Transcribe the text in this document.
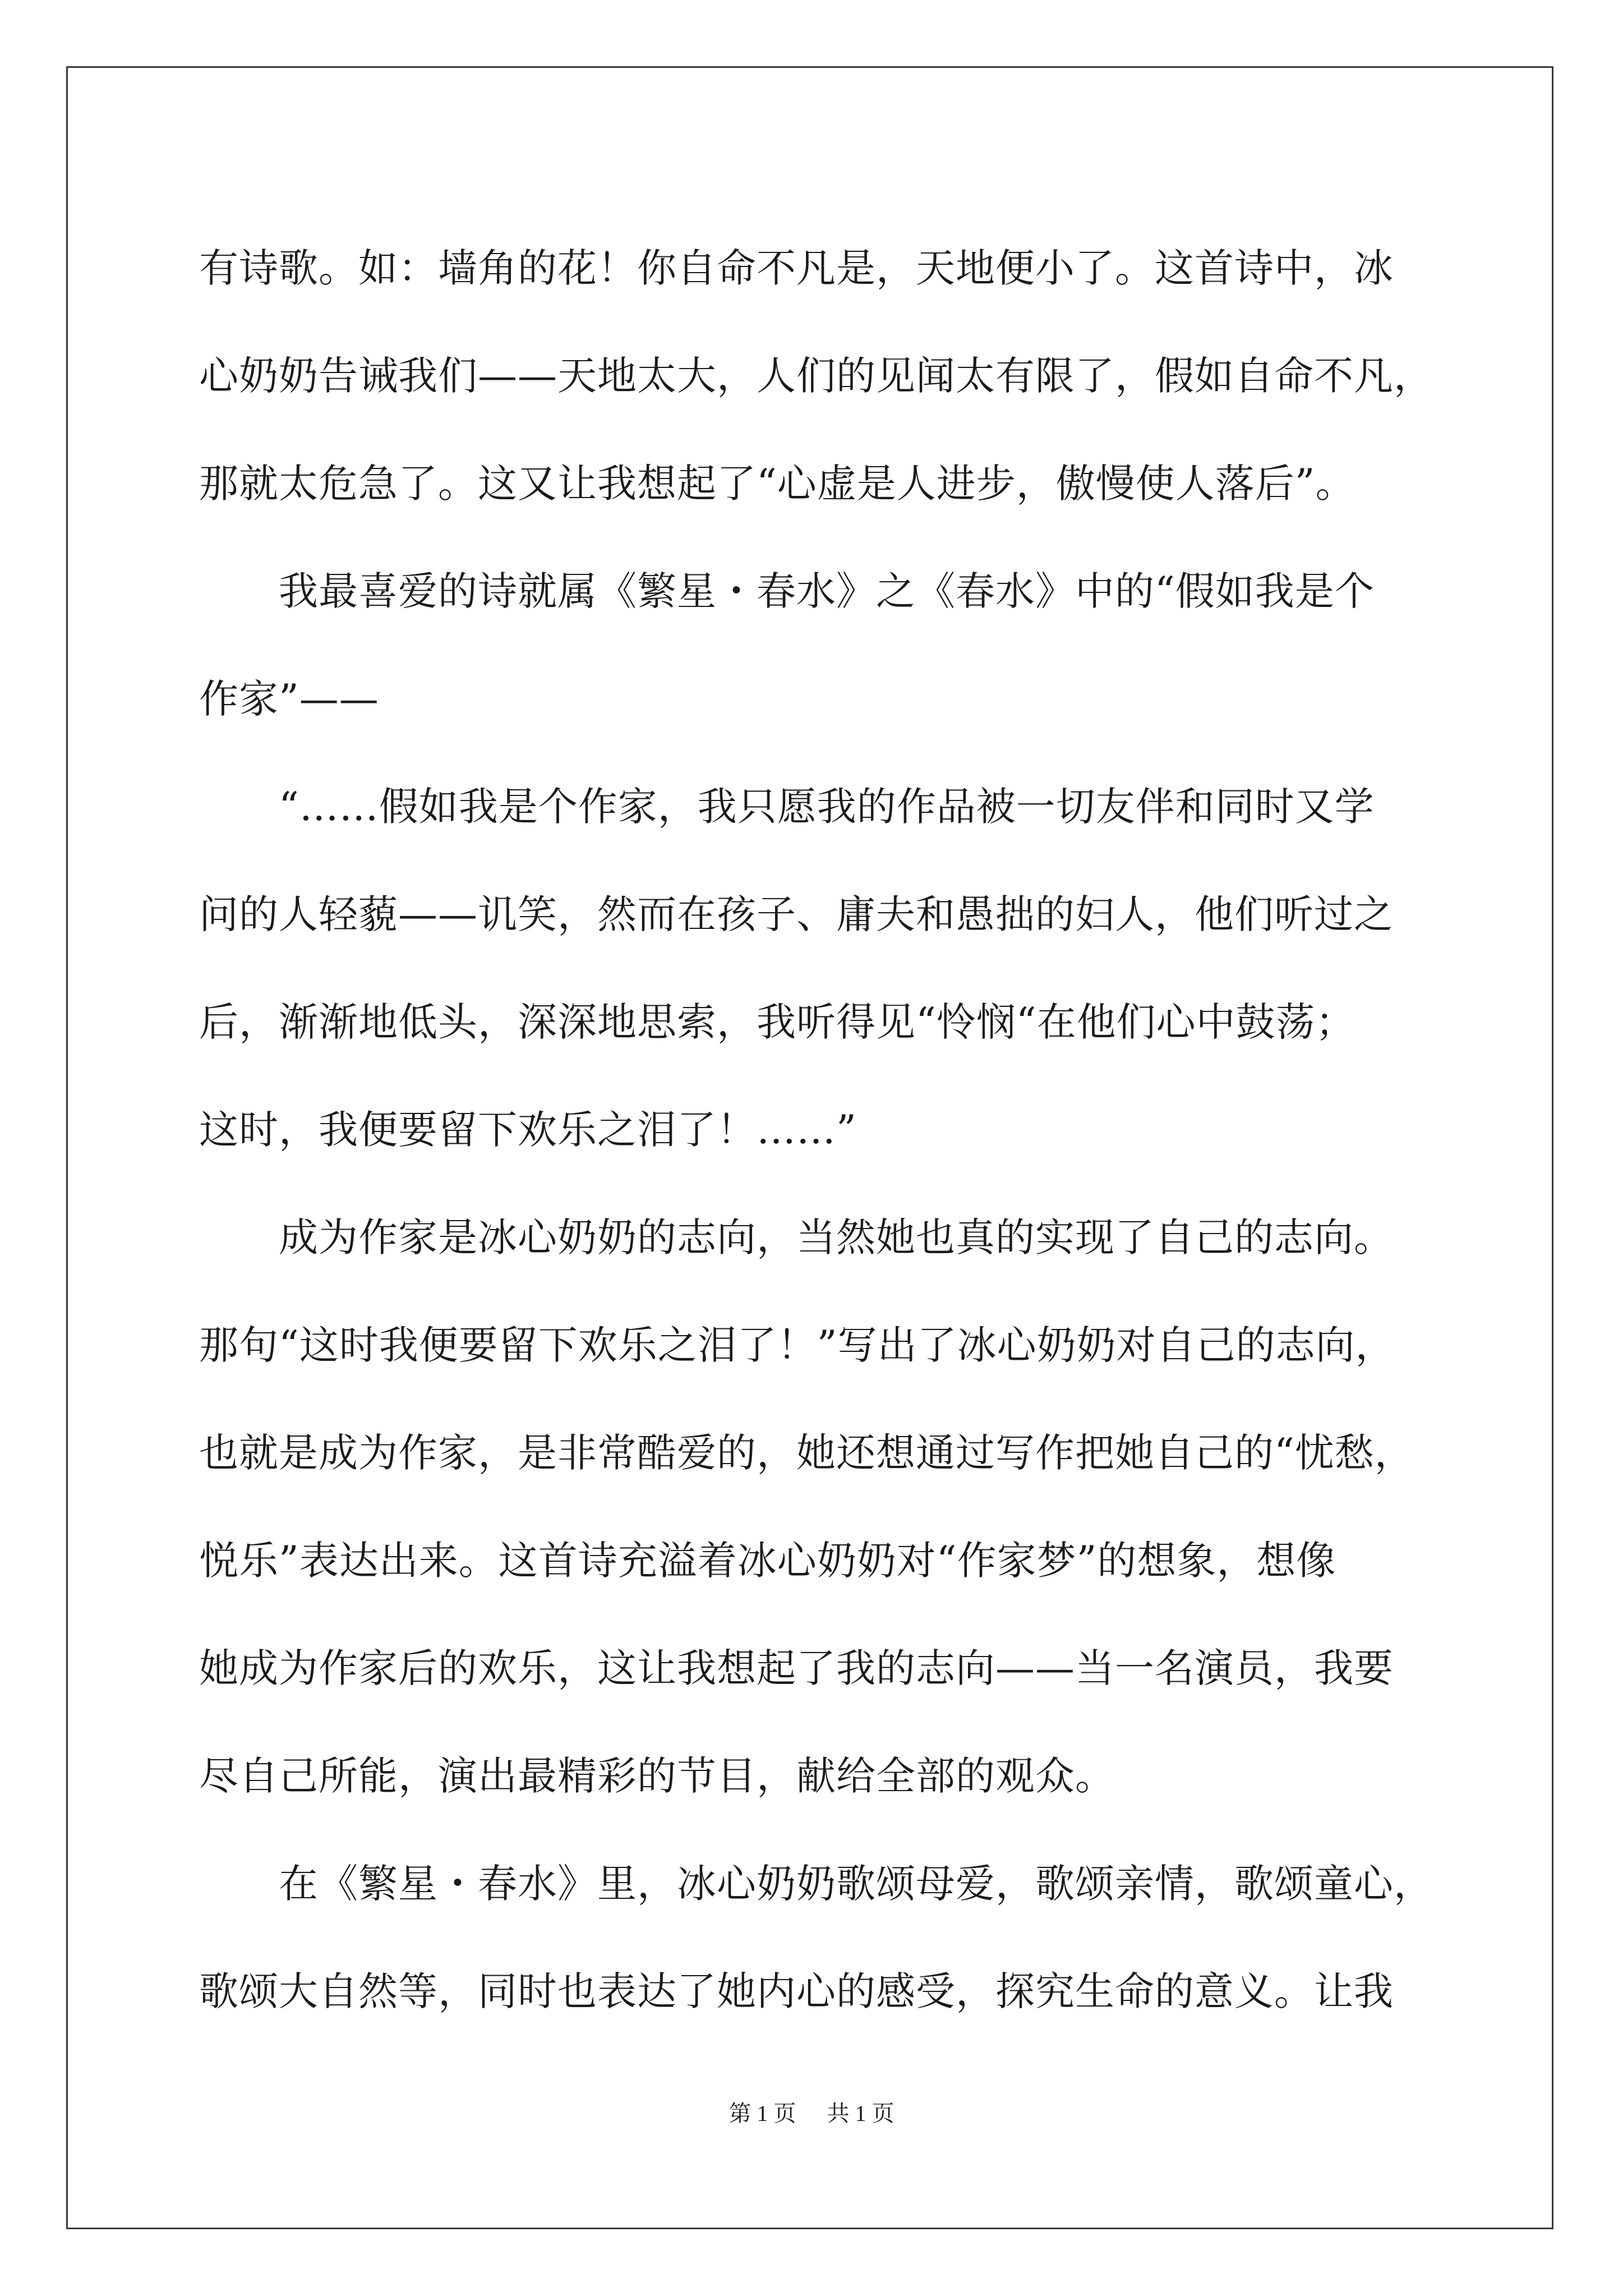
有诗歌。如：墙角的花！你自命不凡是，天地便小了。这首诗中，冰
心奶奶告诫我们——天地太大，人们的见闻太有限了，假如自命不凡，
那就太危急了。这又让我想起了“心虚是人进步，傲慢使人落后”。
　　我最喜爱的诗就属《繁星・春水》之《春水》中的“假如我是个
作家”——
　　“……假如我是个作家，我只愿我的作品被一切友伴和同时又学
问的人轻藐——讥笑，然而在孩子、庸夫和愚拙的妇人，他们听过之
后，渐渐地低头，深深地思索，我听得见“怜悯“在他们心中鼓荡；
这时，我便要留下欢乐之泪了！……”
　　成为作家是冰心奶奶的志向，当然她也真的实现了自己的志向。
那句“这时我便要留下欢乐之泪了！”写出了冰心奶奶对自己的志向，
也就是成为作家，是非常酷爱的，她还想通过写作把她自己的“忧愁，
悦乐”表达出来。这首诗充溢着冰心奶奶对“作家梦”的想象，想像
她成为作家后的欢乐，这让我想起了我的志向——当一名演员，我要
尽自己所能，演出最精彩的节目，献给全部的观众。
　　在《繁星・春水》里，冰心奶奶歌颂母爱，歌颂亲情，歌颂童心，
歌颂大自然等，同时也表达了她内心的感受，探究生命的意义。让我
第 1 页 共 1 页
